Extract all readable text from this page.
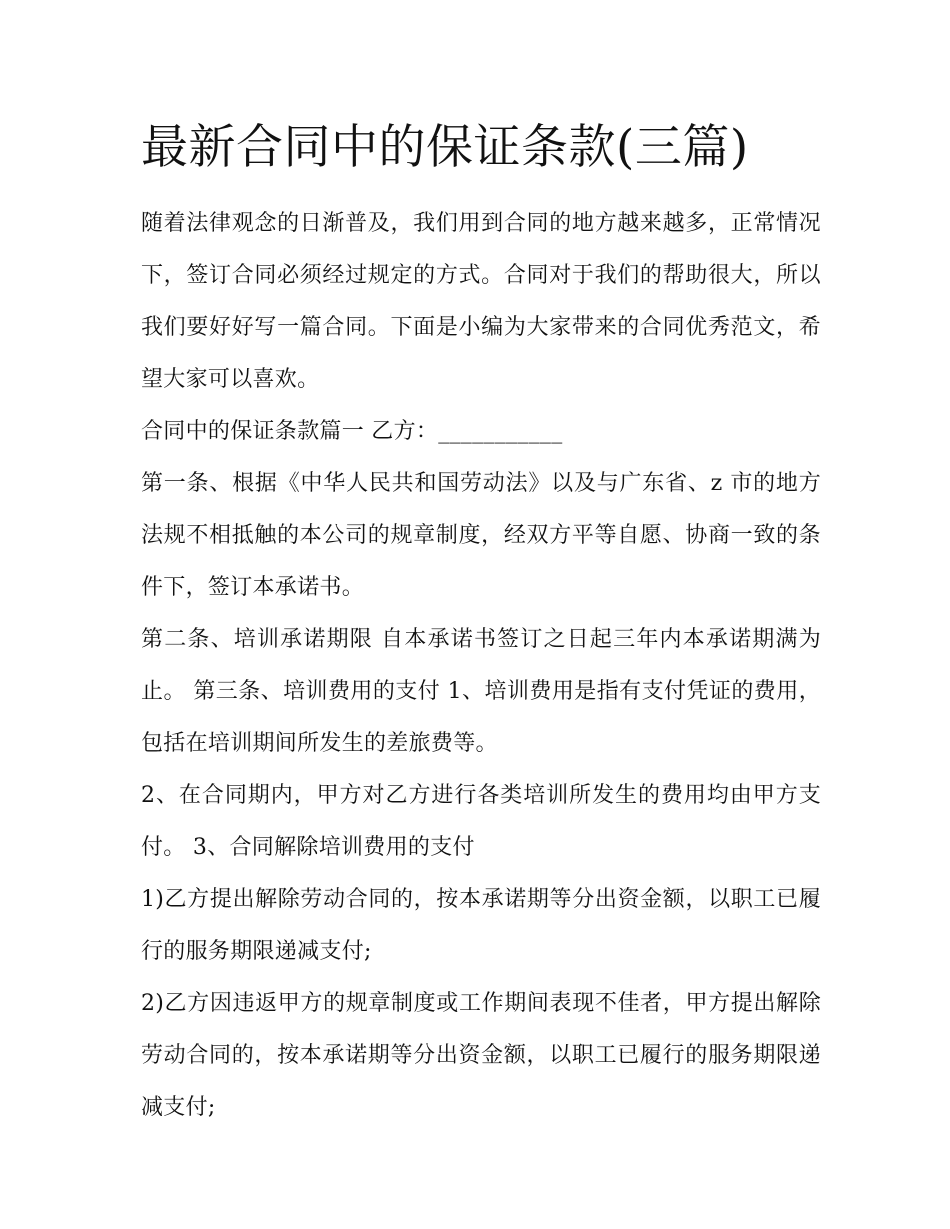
最新合同中的保证条款(三篇)

随着法律观念的日渐普及，我们用到合同的地方越来越多，正常情况下，签订合同必须经过规定的方式。合同对于我们的帮助很大，所以我们要好好写一篇合同。下面是小编为大家带来的合同优秀范文，希望大家可以喜欢。

合同中的保证条款篇一 乙方：___________

第一条、根据《中华人民共和国劳动法》以及与广东省、z 市的地方法规不相抵触的本公司的规章制度，经双方平等自愿、协商一致的条件下，签订本承诺书。

第二条、培训承诺期限 自本承诺书签订之日起三年内本承诺期满为止。 第三条、培训费用的支付 1、培训费用是指有支付凭证的费用，包括在培训期间所发生的差旅费等。

2、在合同期内，甲方对乙方进行各类培训所发生的费用均由甲方支付。 3、合同解除培训费用的支付

1)乙方提出解除劳动合同的，按本承诺期等分出资金额，以职工已履行的服务期限递减支付;

2)乙方因违返甲方的规章制度或工作期间表现不佳者，甲方提出解除劳动合同的，按本承诺期等分出资金额，以职工已履行的服务期限递减支付;
